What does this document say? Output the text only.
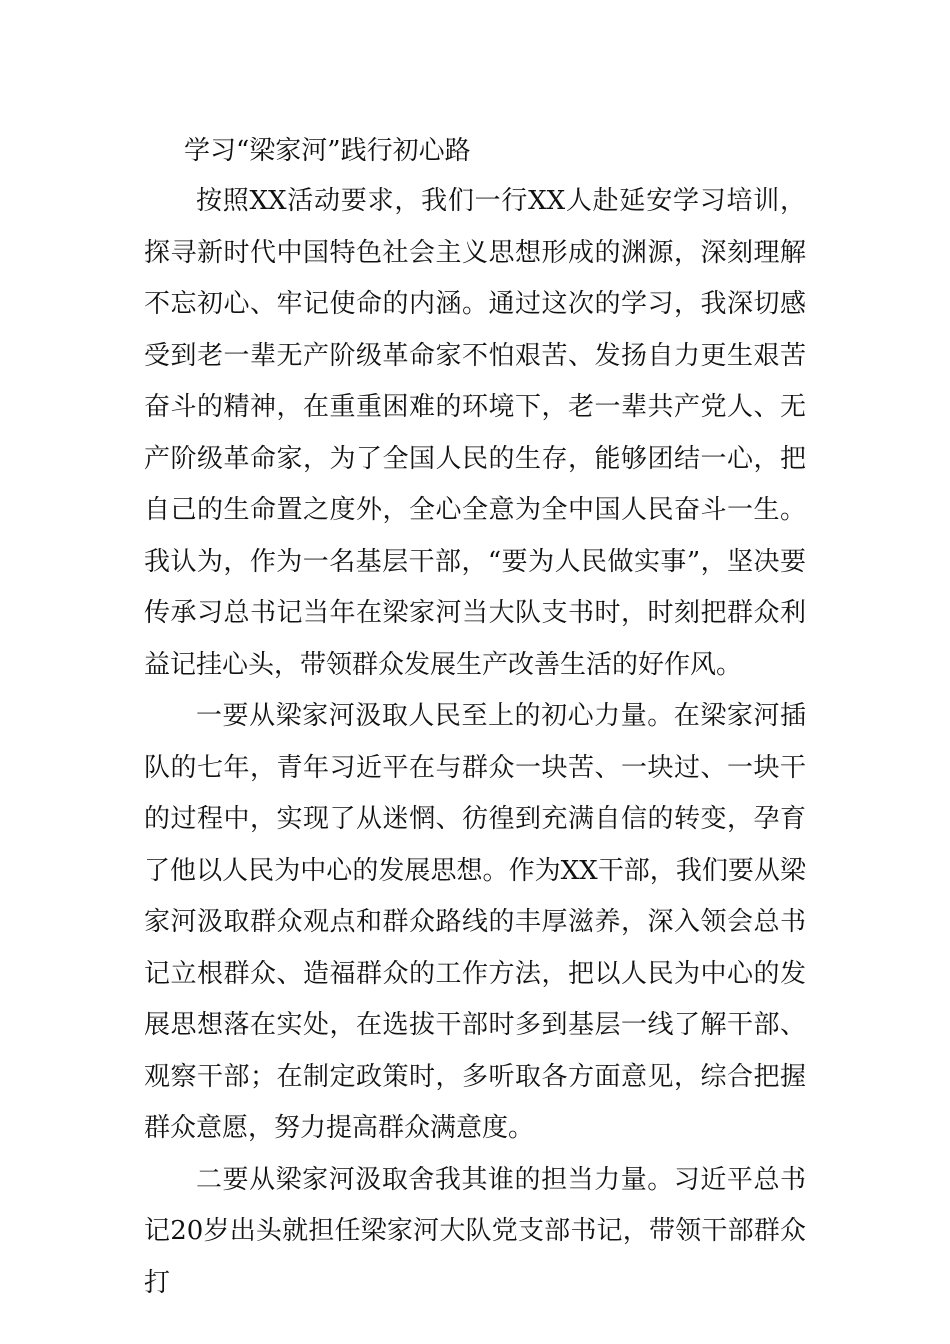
学习“梁家河”践行初心路

按照XX活动要求，我们一行XX人赴延安学习培训，探寻新时代中国特色社会主义思想形成的渊源，深刻理解不忘初心、牢记使命的内涵。通过这次的学习，我深切感受到老一辈无产阶级革命家不怕艰苦、发扬自力更生艰苦奋斗的精神，在重重困难的环境下，老一辈共产党人、无产阶级革命家，为了全国人民的生存，能够团结一心，把自己的生命置之度外，全心全意为全中国人民奋斗一生。我认为，作为一名基层干部，“要为人民做实事”，坚决要传承习总书记当年在梁家河当大队支书时，时刻把群众利益记挂心头，带领群众发展生产改善生活的好作风。

一要从梁家河汲取人民至上的初心力量。在梁家河插队的七年，青年习近平在与群众一块苦、一块过、一块干的过程中，实现了从迷惘、彷徨到充满自信的转变，孕育了他以人民为中心的发展思想。作为XX干部，我们要从梁家河汲取群众观点和群众路线的丰厚滋养，深入领会总书记立根群众、造福群众的工作方法，把以人民为中心的发展思想落在实处，在选拔干部时多到基层一线了解干部、观察干部；在制定政策时，多听取各方面意见，综合把握群众意愿，努力提高群众满意度。

二要从梁家河汲取舍我其谁的担当力量。习近平总书记20岁出头就担任梁家河大队党支部书记，带领干部群众打
